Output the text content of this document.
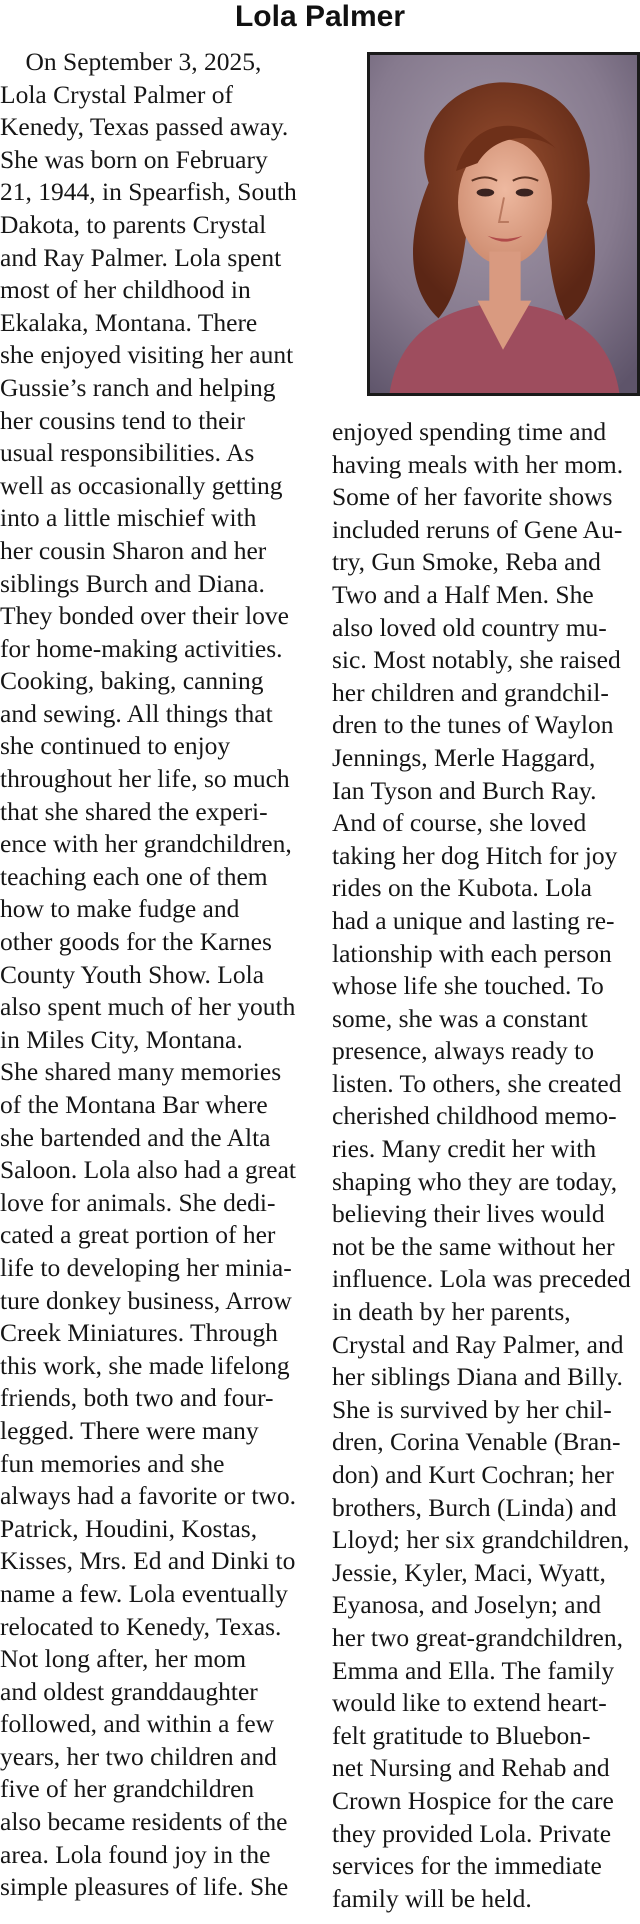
Lola Palmer
On September 3, 2025,
Lola Crystal Palmer of
Kenedy, Texas passed away.
She was born on February
21, 1944, in Spearfish, South
Dakota, to parents Crystal
and Ray Palmer. Lola spent
most of her childhood in
Ekalaka, Montana. There
she enjoyed visiting her aunt
Gussie’s ranch and helping
her cousins tend to their
usual responsibilities. As
well as occasionally getting
into a little mischief with
her cousin Sharon and her
siblings Burch and Diana.
They bonded over their love
for home-making activities.
Cooking, baking, canning
and sewing. All things that
she continued to enjoy
throughout her life, so much
that she shared the experi-
ence with her grandchildren,
teaching each one of them
how to make fudge and
other goods for the Karnes
County Youth Show. Lola
also spent much of her youth
in Miles City, Montana.
She shared many memories
of the Montana Bar where
she bartended and the Alta
Saloon. Lola also had a great
love for animals. She dedi-
cated a great portion of her
life to developing her minia-
ture donkey business, Arrow
Creek Miniatures. Through
this work, she made lifelong
friends, both two and four-
legged. There were many
fun memories and she
always had a favorite or two.
Patrick, Houdini, Kostas,
Kisses, Mrs. Ed and Dinki to
name a few. Lola eventually
relocated to Kenedy, Texas.
Not long after, her mom
and oldest granddaughter
followed, and within a few
years, her two children and
five of her grandchildren
also became residents of the
area. Lola found joy in the
simple pleasures of life. She
enjoyed spending time and
having meals with her mom.
Some of her favorite shows
included reruns of Gene Au-
try, Gun Smoke, Reba and
Two and a Half Men. She
also loved old country mu-
sic. Most notably, she raised
her children and grandchil-
dren to the tunes of Waylon
Jennings, Merle Haggard,
Ian Tyson and Burch Ray.
And of course, she loved
taking her dog Hitch for joy
rides on the Kubota. Lola
had a unique and lasting re-
lationship with each person
whose life she touched. To
some, she was a constant
presence, always ready to
listen. To others, she created
cherished childhood memo-
ries. Many credit her with
shaping who they are today,
believing their lives would
not be the same without her
influence. Lola was preceded
in death by her parents,
Crystal and Ray Palmer, and
her siblings Diana and Billy.
She is survived by her chil-
dren, Corina Venable (Bran-
don) and Kurt Cochran; her
brothers, Burch (Linda) and
Lloyd; her six grandchildren,
Jessie, Kyler, Maci, Wyatt,
Eyanosa, and Joselyn; and
her two great-grandchildren,
Emma and Ella. The family
would like to extend heart-
felt gratitude to Bluebon-
net Nursing and Rehab and
Crown Hospice for the care
they provided Lola. Private
services for the immediate
family will be held.
